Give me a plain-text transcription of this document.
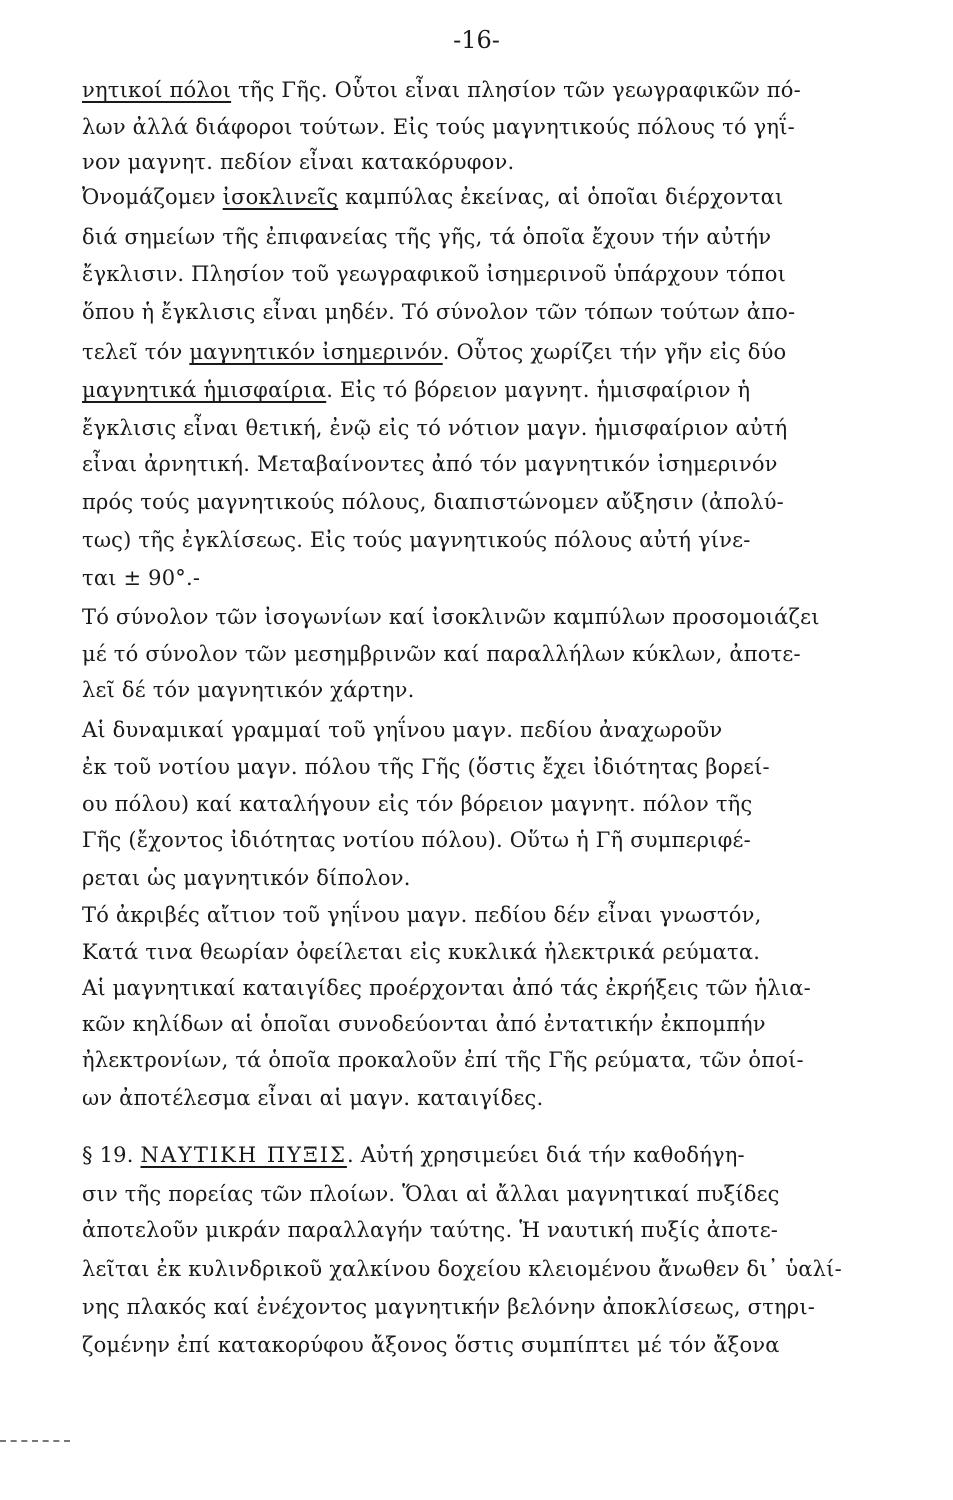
-16-
νητικοί πόλοι τῆς Γῆς. Οὗτοι εἶναι πλησίον τῶν γεωγραφικῶν πό-
λων ἀλλά διάφοροι τούτων. Εἰς τούς μαγνητικούς πόλους τό γηΐ-
νον μαγνητ. πεδίον εἶναι κατακόρυφον.
Ὀνομάζομεν ἰσοκλινεῖς καμπύλας ἐκείνας, αἱ ὁποῖαι διέρχονται
διά σημείων τῆς ἐπιφανείας τῆς γῆς, τά ὁποῖα ἔχουν τήν αὐτήν
ἔγκλισιν. Πλησίον τοῦ γεωγραφικοῦ ἰσημερινοῦ ὑπάρχουν τόποι
ὅπου ἡ ἔγκλισις εἶναι μηδέν. Τό σύνολον τῶν τόπων τούτων ἀπο-
τελεῖ τόν μαγνητικόν ἰσημερινόν. Οὗτος χωρίζει τήν γῆν εἰς δύο
μαγνητικά ἡμισφαίρια. Εἰς τό βόρειον μαγνητ. ἡμισφαίριον ἡ
ἔγκλισις εἶναι θετική, ἐνῷ εἰς τό νότιον μαγν. ἡμισφαίριον αὐτή
εἶναι ἀρνητική. Μεταβαίνοντες ἀπό τόν μαγνητικόν ἰσημερινόν
πρός τούς μαγνητικούς πόλους, διαπιστώνομεν αὔξησιν (ἀπολύ-
τως) τῆς ἐγκλίσεως. Εἰς τούς μαγνητικούς πόλους αὐτή γίνε-
ται ± 90°.-
Τό σύνολον τῶν ἰσογωνίων καί ἰσοκλινῶν καμπύλων προσομοιάζει
μέ τό σύνολον τῶν μεσημβρινῶν καί παραλλήλων κύκλων, ἀποτε-
λεῖ δέ τόν μαγνητικόν χάρτην.
Αἱ δυναμικαί γραμμαί τοῦ γηΐνου μαγν. πεδίου ἀναχωροῦν
ἐκ τοῦ νοτίου μαγν. πόλου τῆς Γῆς (ὅστις ἔχει ἰδιότητας βορεί-
ου πόλου) καί καταλήγουν εἰς τόν βόρειον μαγνητ. πόλον τῆς
Γῆς (ἔχοντος ἰδιότητας νοτίου πόλου). Οὕτω ἡ Γῆ συμπεριφέ-
ρεται ὡς μαγνητικόν δίπολον.
Τό ἀκριβές αἴτιον τοῦ γηΐνου μαγν. πεδίου δέν εἶναι γνωστόν,
Κατά τινα θεωρίαν ὀφείλεται εἰς κυκλικά ἠλεκτρικά ρεύματα.
Αἱ μαγνητικαί καταιγίδες προέρχονται ἀπό τάς ἐκρήξεις τῶν ἡλια-
κῶν κηλίδων αἱ ὁποῖαι συνοδεύονται ἀπό ἐντατικήν ἐκπομπήν
ἠλεκτρονίων, τά ὁποῖα προκαλοῦν ἐπί τῆς Γῆς ρεύματα, τῶν ὁποί-
ων ἀποτέλεσμα εἶναι αἱ μαγν. καταιγίδες.
§ 19. ΝΑΥΤΙΚΗ ΠΥΞΙΣ. Αὐτή χρησιμεύει διά τήν καθοδήγη-
σιν τῆς πορείας τῶν πλοίων. Ὅλαι αἱ ἄλλαι μαγνητικαί πυξίδες
ἀποτελοῦν μικράν παραλλαγήν ταύτης. Ἡ ναυτική πυξίς ἀποτε-
λεῖται ἐκ κυλινδρικοῦ χαλκίνου δοχείου κλειομένου ἄνωθεν δι᾽ ὑαλί-
νης πλακός καί ἐνέχοντος μαγνητικήν βελόνην ἀποκλίσεως, στηρι-
ζομένην ἐπί κατακορύφου ἄξονος ὅστις συμπίπτει μέ τόν ἄξονα
